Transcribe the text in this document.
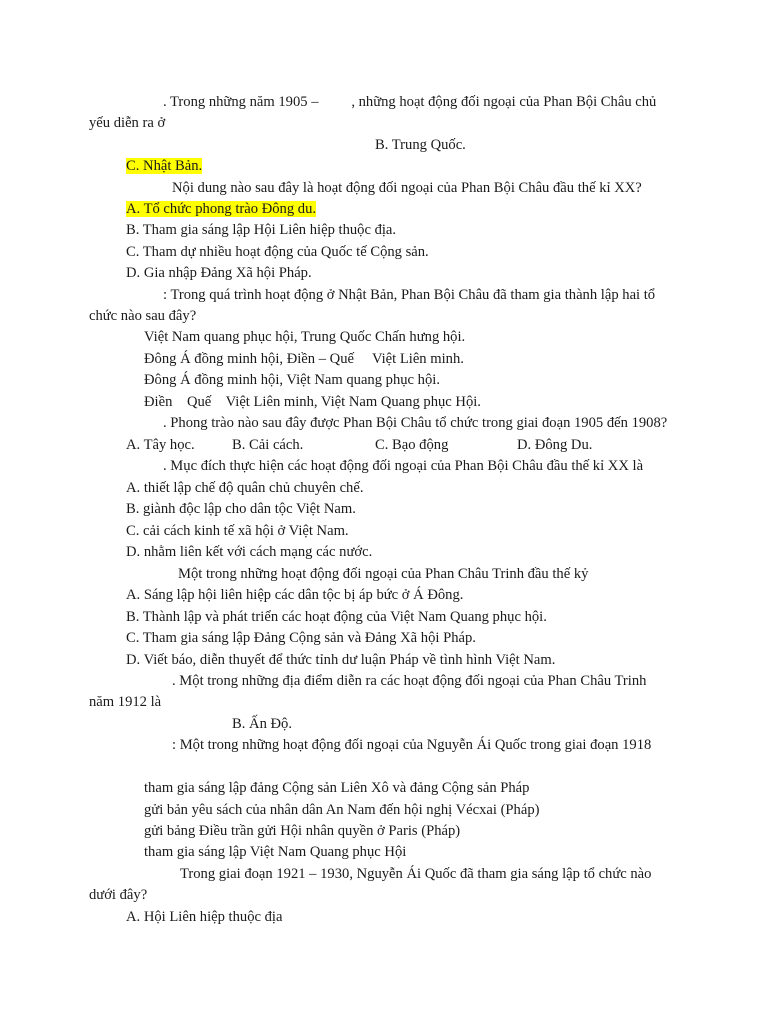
. Trong những năm 1905 –         , những hoạt động đối ngoại của Phan Bội Châu chủ
yếu diễn ra ở
B. Trung Quốc.
C. Nhật Bản.
Nội dung nào sau đây là hoạt động đối ngoại của Phan Bội Châu đầu thế kỉ XX?
A. Tổ chức phong trào Đông du.
B. Tham gia sáng lập Hội Liên hiệp thuộc địa.
C. Tham dự nhiều hoạt động của Quốc tế Cộng sản.
D. Gia nhập Đảng Xã hội Pháp.
: Trong quá trình hoạt động ở Nhật Bản, Phan Bội Châu đã tham gia thành lập hai tổ
chức nào sau đây?
Việt Nam quang phục hội, Trung Quốc Chấn hưng hội.
Đông Á đồng minh hội, Điền – Quế     Việt Liên minh.
Đông Á đồng minh hội, Việt Nam quang phục hội.
Điền    Quế    Việt Liên minh, Việt Nam Quang phục Hội.
. Phong trào nào sau đây được Phan Bội Châu tổ chức trong giai đoạn 1905 đến 1908?
A. Tây học.	B. Cải cách.	C. Bạo động	D. Đông Du.
. Mục đích thực hiện các hoạt động đối ngoại của Phan Bội Châu đầu thế kỉ XX là
A. thiết lập chế độ quân chủ chuyên chế.
B. giành độc lập cho dân tộc Việt Nam.
C. cải cách kinh tế xã hội ở Việt Nam.
D. nhằm liên kết với cách mạng các nước.
Một trong những hoạt động đối ngoại của Phan Châu Trinh đầu thế kỷ
A. Sáng lập hội liên hiệp các dân tộc bị áp bức ở Á Đông.
B. Thành lập và phát triển các hoạt động của Việt Nam Quang phục hội.
C. Tham gia sáng lập Đảng Cộng sản và Đảng Xã hội Pháp.
D. Viết báo, diễn thuyết để thức tỉnh dư luận Pháp về tình hình Việt Nam.
. Một trong những địa điểm diễn ra các hoạt động đối ngoại của Phan Châu Trinh
năm 1912 là
B. Ấn Độ.
: Một trong những hoạt động đối ngoại của Nguyễn Ái Quốc trong giai đoạn 1918
tham gia sáng lập đảng Cộng sản Liên Xô và đảng Cộng sản Pháp
gửi bản yêu sách của nhân dân An Nam đến hội nghị Vécxai (Pháp)
gửi bảng Điều trần gửi Hội nhân quyền ở Paris (Pháp)
tham gia sáng lập Việt Nam Quang phục Hội
Trong giai đoạn 1921 – 1930, Nguyễn Ái Quốc đã tham gia sáng lập tổ chức nào
dưới đây?
A. Hội Liên hiệp thuộc địa
